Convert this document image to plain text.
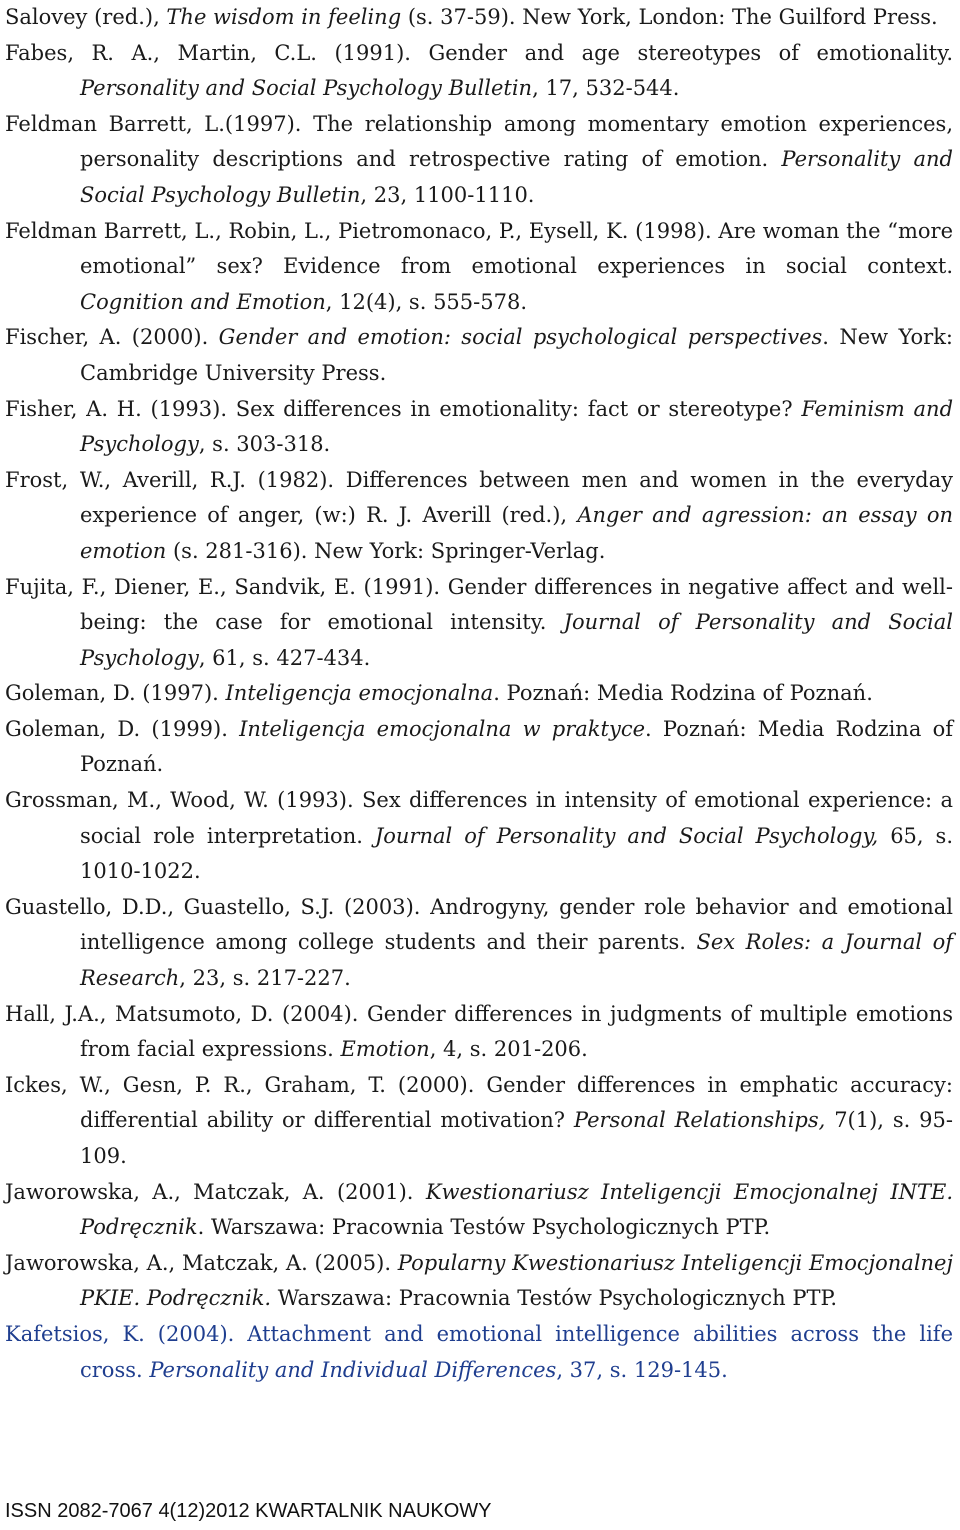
Salovey (red.), The wisdom in feeling (s. 37-59). New York, London: The Guilford Press.
Fabes, R. A., Martin, C.L. (1991). Gender and age stereotypes of emotionality. Personality and Social Psychology Bulletin, 17, 532-544.
Feldman Barrett, L.(1997). The relationship among momentary emotion experiences, personality descriptions and retrospective rating of emotion. Personality and Social Psychology Bulletin, 23, 1100-1110.
Feldman Barrett, L., Robin, L., Pietromonaco, P., Eysell, K. (1998). Are woman the “more emotional” sex? Evidence from emotional experiences in social context. Cognition and Emotion, 12(4), s. 555-578.
Fischer, A. (2000). Gender and emotion: social psychological perspectives. New York: Cambridge University Press.
Fisher, A. H. (1993). Sex differences in emotionality: fact or stereotype? Feminism and Psychology, s. 303-318.
Frost, W., Averill, R.J. (1982). Differences between men and women in the everyday experience of anger, (w:) R. J. Averill (red.), Anger and agression: an essay on emotion (s. 281-316). New York: Springer-Verlag.
Fujita, F., Diener, E., Sandvik, E. (1991). Gender differences in negative affect and well-being: the case for emotional intensity. Journal of Personality and Social Psychology, 61, s. 427-434.
Goleman, D. (1997). Inteligencja emocjonalna. Poznań: Media Rodzina of Poznań.
Goleman, D. (1999). Inteligencja emocjonalna w praktyce. Poznań: Media Rodzina of Poznań.
Grossman, M., Wood, W. (1993). Sex differences in intensity of emotional experience: a social role interpretation. Journal of Personality and Social Psychology, 65, s. 1010-1022.
Guastello, D.D., Guastello, S.J. (2003). Androgyny, gender role behavior and emotional intelligence among college students and their parents. Sex Roles: a Journal of Research, 23, s. 217-227.
Hall, J.A., Matsumoto, D. (2004). Gender differences in judgments of multiple emotions from facial expressions. Emotion, 4, s. 201-206.
Ickes, W., Gesn, P. R., Graham, T. (2000). Gender differences in emphatic accuracy: differential ability or differential motivation? Personal Relationships, 7(1), s. 95-109.
Jaworowska, A., Matczak, A. (2001). Kwestionariusz Inteligencji Emocjonalnej INTE. Podręcznik. Warszawa: Pracownia Testów Psychologicznych PTP.
Jaworowska, A., Matczak, A. (2005). Popularny Kwestionariusz Inteligencji Emocjonalnej PKIE. Podręcznik. Warszawa: Pracownia Testów Psychologicznych PTP.
Kafetsios, K. (2004). Attachment and emotional intelligence abilities across the life cross. Personality and Individual Differences, 37, s. 129-145.
ISSN 2082-7067 4(12)2012 KWARTALNIK NAUKOWY
